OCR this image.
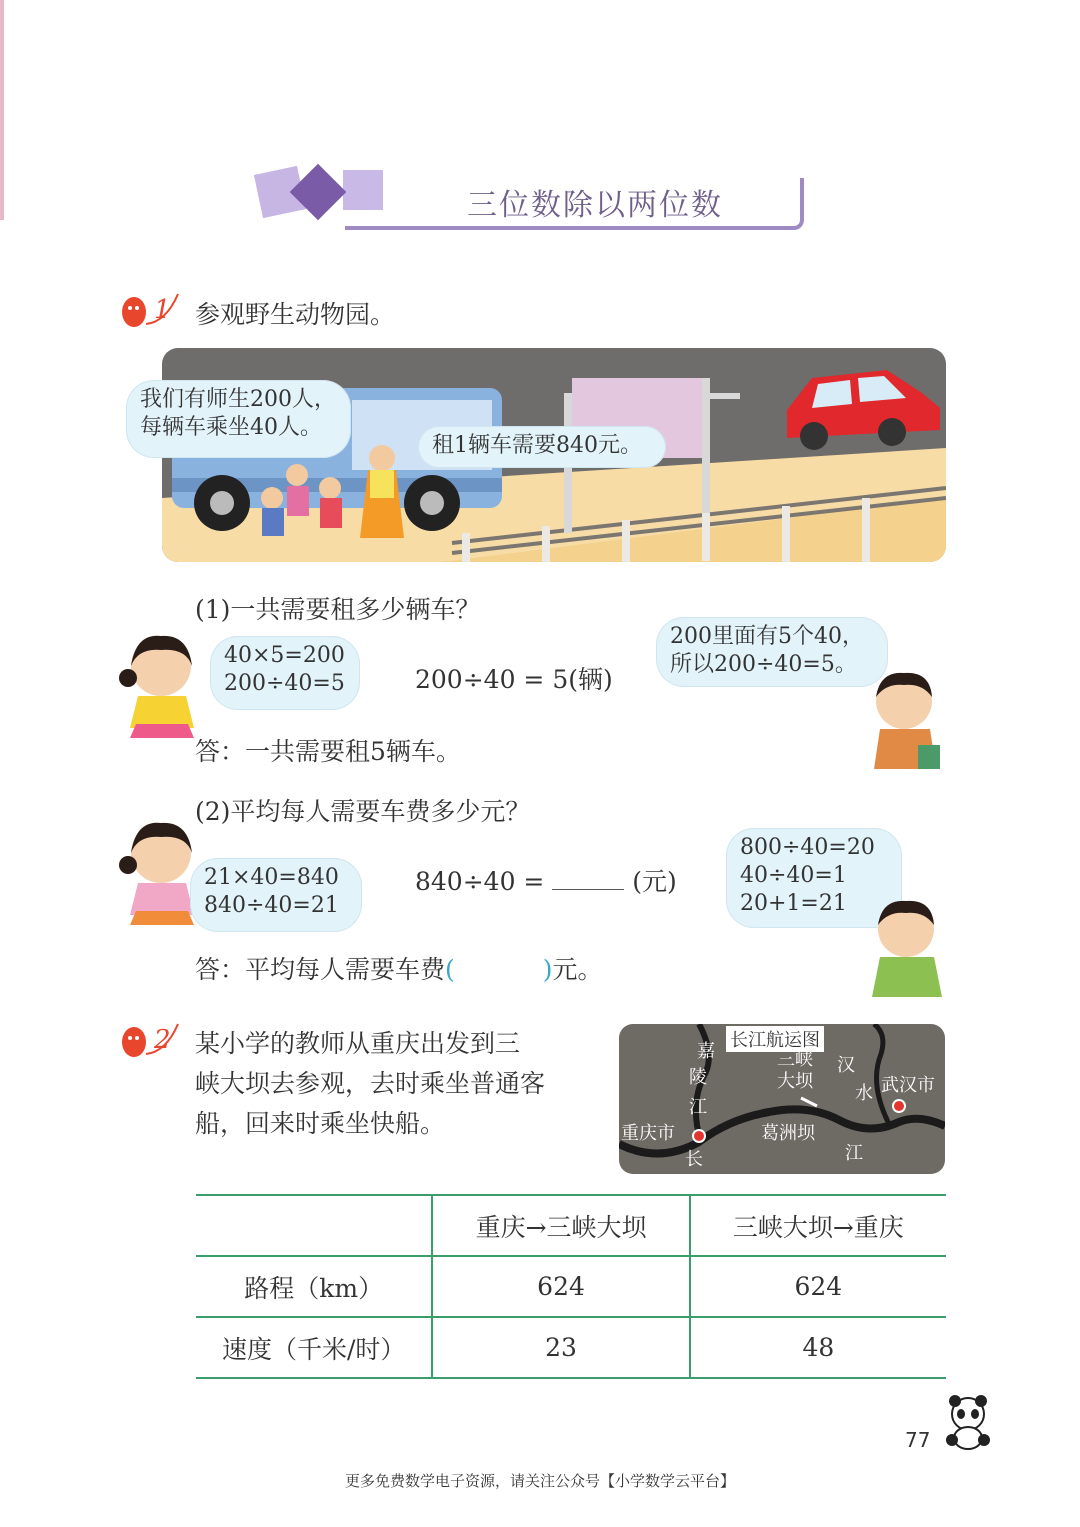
三位数除以两位数
1 参观野生动物园。
我们有师生200人，
每辆车乘坐40人。
租1辆车需要840元。
(1)一共需要租多少辆车？
40×5=200
200÷40=5	200÷40 = 5(辆)
200里面有5个40，
所以200÷40=5。
答：一共需要租5辆车。
(2)平均每人需要车费多少元？
21×40=840
840÷40=21
840÷40 =	(元)
800÷40=20
40÷40=1
20+1=21
答：平均每人需要车费(	)元。
2 某小学的教师从重庆出发到三
峡大坝去参观，去时乘坐普通客
船，回来时乘坐快船。
长江航运图
嘉
陵
江
三峡
大坝
汉
水 武汉市
重庆市	葛洲坝
长	江
	重庆→三峡大坝	三峡大坝→重庆
路程（km）	624	624
速度（千米/时）	23	48
77
更多免费数学电子资源，请关注公众号【小学数学云平台】
